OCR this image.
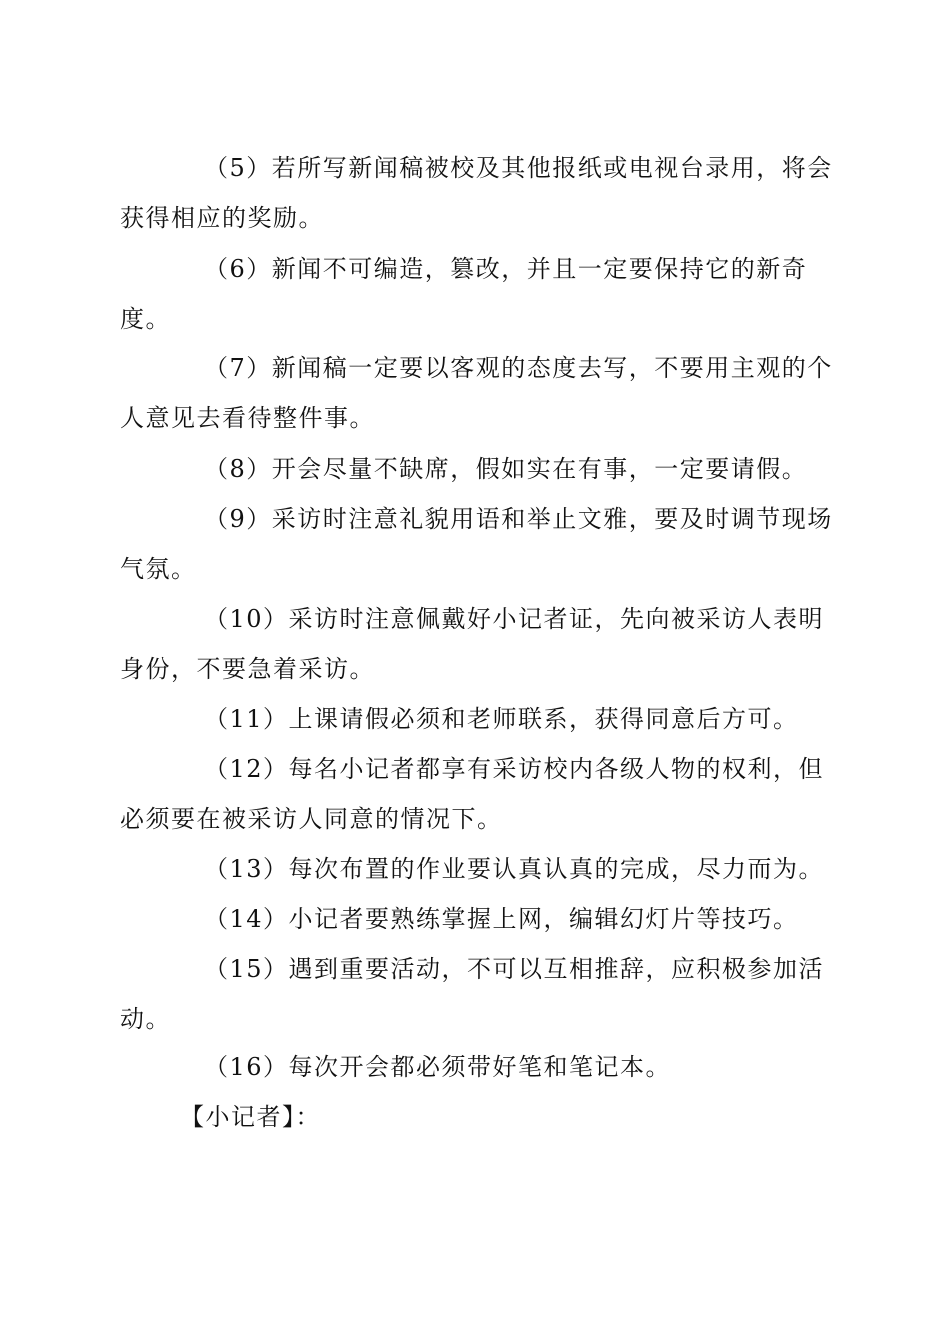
（5）若所写新闻稿被校及其他报纸或电视台录用，将会获得相应的奖励。

（6）新闻不可编造，篡改，并且一定要保持它的新奇度。

（7）新闻稿一定要以客观的态度去写，不要用主观的个人意见去看待整件事。

（8）开会尽量不缺席，假如实在有事，一定要请假。

（9）采访时注意礼貌用语和举止文雅，要及时调节现场气氛。

（10）采访时注意佩戴好小记者证，先向被采访人表明身份，不要急着采访。

（11）上课请假必须和老师联系，获得同意后方可。

（12）每名小记者都享有采访校内各级人物的权利，但必须要在被采访人同意的情况下。

（13）每次布置的作业要认真认真的完成，尽力而为。

（14）小记者要熟练掌握上网，编辑幻灯片等技巧。

（15）遇到重要活动，不可以互相推辞，应积极参加活动。

（16）每次开会都必须带好笔和笔记本。

【小记者】：
